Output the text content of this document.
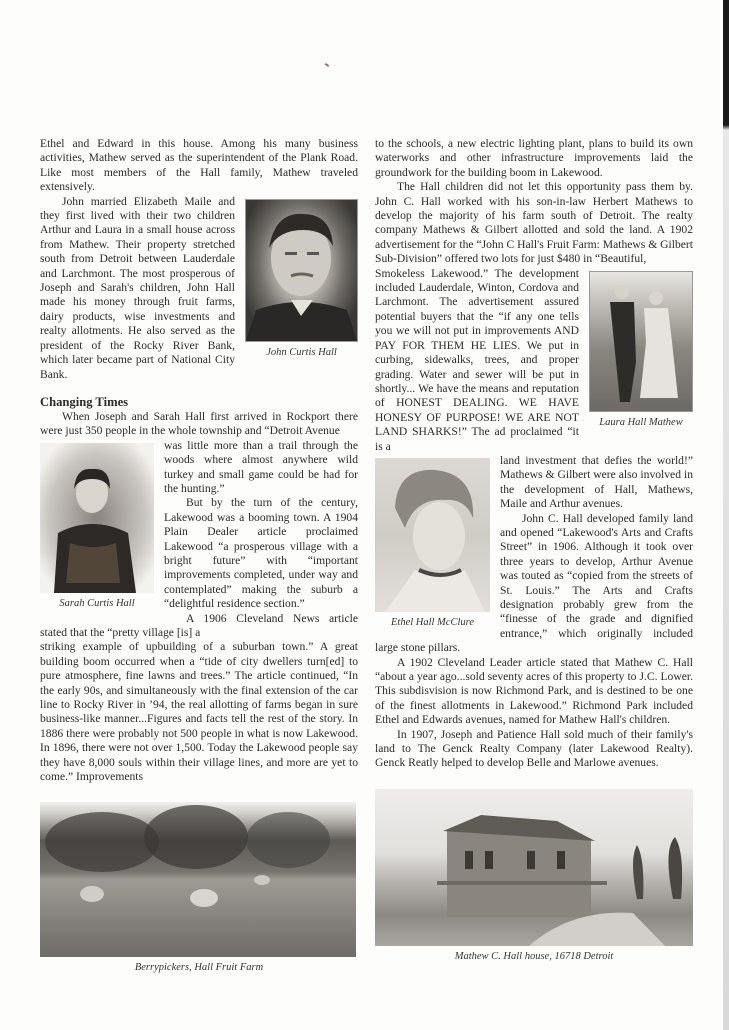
Ethel and Edward in this house. Among his many business activities, Mathew served as the superintendent of the Plank Road. Like most members of the Hall family, Mathew traveled extensively.

John Curtis Hall

John married Elizabeth Maile and they first lived with their two children Arthur and Laura in a small house across from Mathew. Their property stretched south from Detroit between Lauderdale and Larchmont. The most prosperous of Joseph and Sarah's children, John Hall made his money through fruit farms, dairy products, wise investments and realty allotments. He also served as the president of the Rocky River Bank, which later became part of National City Bank.

Changing Times

When Joseph and Sarah Hall first arrived in Rockport there were just 350 people in the whole township and “Detroit Avenue

Sarah Curtis Hall

was little more than a trail through the woods where almost anywhere wild turkey and small game could be had for the hunting.”

But by the turn of the century, Lakewood was a booming town. A 1904 Plain Dealer article proclaimed Lakewood “a prosperous village with a bright future” with “important improvements completed, under way and contemplated” making the suburb a “delightful residence section.”

A 1906 Cleveland News article stated that the “pretty village [is] a

striking example of upbuilding of a suburban town.” A great building boom occurred when a “tide of city dwellers turn[ed] to pure atmosphere, fine lawns and trees.” The article continued, “In the early 90s, and simultaneously with the final extension of the car line to Rocky River in ’94, the real allotting of farms began in sure business-like manner...Figures and facts tell the rest of the story. In 1886 there were probably not 500 people in what is now Lakewood. In 1896, there were not over 1,500. Today the Lakewood people say they have 8,000 souls within their village lines, and more are yet to come.” Improvements

Berrypickers, Hall Fruit Farm

to the schools, a new electric lighting plant, plans to build its own waterworks and other infrastructure improvements laid the groundwork for the building boom in Lakewood.

The Hall children did not let this opportunity pass them by. John C. Hall worked with his son-in-law Herbert Mathews to develop the majority of his farm south of Detroit. The realty company Mathews & Gilbert allotted and sold the land. A 1902 advertisement for the “John C Hall's Fruit Farm: Mathews & Gilbert Sub-Division” offered two lots for just $480 in “Beautiful,

Laura Hall Mathew

Smokeless Lakewood.” The development included Lauderdale, Winton, Cordova and Larchmont. The advertisement assured potential buyers that the “if any one tells you we will not put in improvements AND PAY FOR THEM HE LIES. We put in curbing, sidewalks, trees, and proper grading. Water and sewer will be put in shortly... We have the means and reputation of HONEST DEALING. WE HAVE HONESY OF PURPOSE! WE ARE NOT LAND SHARKS!” The ad proclaimed “it is a

Ethel Hall McClure

land investment that defies the world!” Mathews & Gilbert were also involved in the development of Hall, Mathews, Maile and Arthur avenues.

John C. Hall developed family land and opened “Lakewood's Arts and Crafts Street” in 1906. Although it took over three years to develop, Arthur Avenue was touted as “copied from the streets of St. Louis.” The Arts and Crafts designation probably grew from the “finesse of the grade and dignified entrance,” which originally included large stone pillars.

A 1902 Cleveland Leader article stated that Mathew C. Hall “about a year ago...sold seventy acres of this property to J.C. Lower. This subdisvision is now Richmond Park, and is destined to be one of the finest allotments in Lakewood.” Richmond Park included Ethel and Edwards avenues, named for Mathew Hall's children.

In 1907, Joseph and Patience Hall sold much of their family's land to The Genck Realty Company (later Lakewood Realty). Genck Reatly helped to develop Belle and Marlowe avenues.

Mathew C. Hall house, 16718 Detroit
